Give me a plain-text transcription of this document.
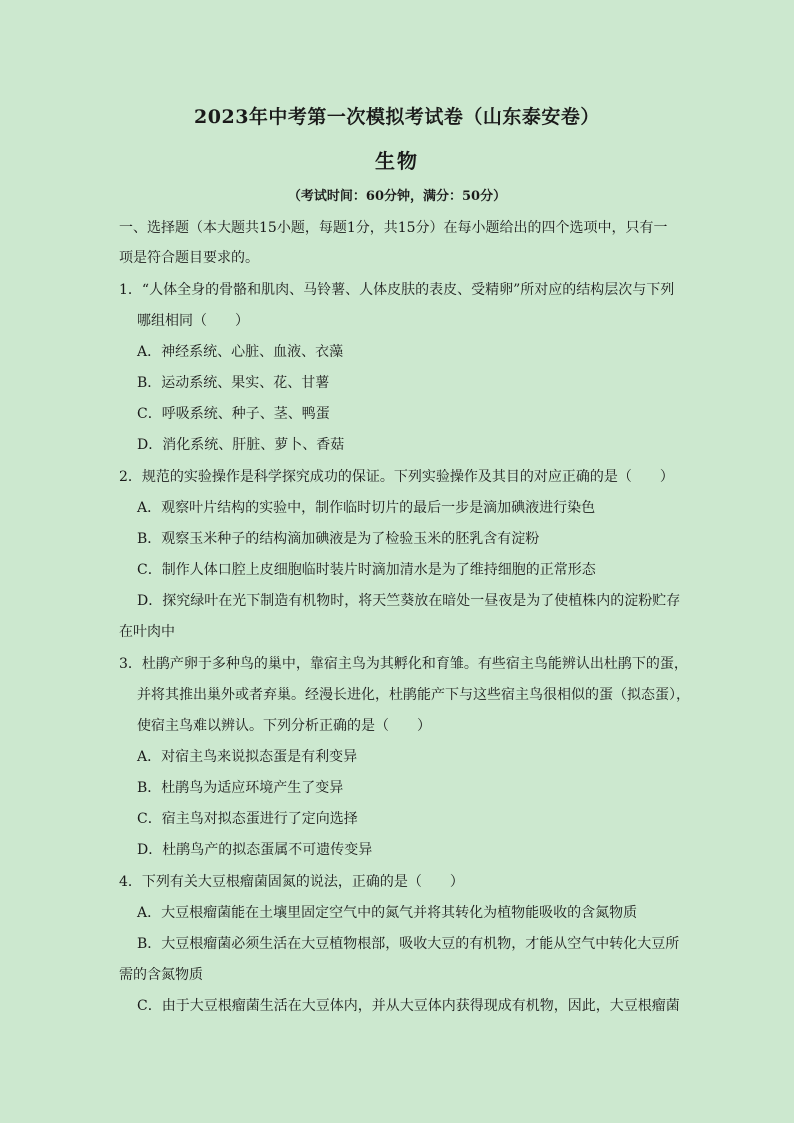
2023年中考第一次模拟考试卷（山东泰安卷）
生物
（考试时间：60分钟，满分：50分）
一、选择题（本大题共15小题，每题1分，共15分）在每小题给出的四个选项中，只有一
项是符合题目要求的。
1．“人体全身的骨骼和肌肉、马铃薯、人体皮肤的表皮、受精卵”所对应的结构层次与下列
哪组相同（　　）
A．神经系统、心脏、血液、衣藻
B．运动系统、果实、花、甘薯
C．呼吸系统、种子、茎、鸭蛋
D．消化系统、肝脏、萝卜、香菇
2．规范的实验操作是科学探究成功的保证。下列实验操作及其目的对应正确的是（　　）
A．观察叶片结构的实验中，制作临时切片的最后一步是滴加碘液进行染色
B．观察玉米种子的结构滴加碘液是为了检验玉米的胚乳含有淀粉
C．制作人体口腔上皮细胞临时装片时滴加清水是为了维持细胞的正常形态
D．探究绿叶在光下制造有机物时，将天竺葵放在暗处一昼夜是为了使植株内的淀粉贮存
在叶肉中
3．杜鹃产卵于多种鸟的巢中，靠宿主鸟为其孵化和育雏。有些宿主鸟能辨认出杜鹃下的蛋，
并将其推出巢外或者弃巢。经漫长进化，杜鹃能产下与这些宿主鸟很相似的蛋（拟态蛋），
使宿主鸟难以辨认。下列分析正确的是（　　）
A．对宿主鸟来说拟态蛋是有利变异
B．杜鹃鸟为适应环境产生了变异
C．宿主鸟对拟态蛋进行了定向选择
D．杜鹃鸟产的拟态蛋属不可遗传变异
4．下列有关大豆根瘤菌固氮的说法，正确的是（　　）
A．大豆根瘤菌能在土壤里固定空气中的氮气并将其转化为植物能吸收的含氮物质
B．大豆根瘤菌必须生活在大豆植物根部，吸收大豆的有机物，才能从空气中转化大豆所
需的含氮物质
C．由于大豆根瘤菌生活在大豆体内，并从大豆体内获得现成有机物，因此，大豆根瘤菌
